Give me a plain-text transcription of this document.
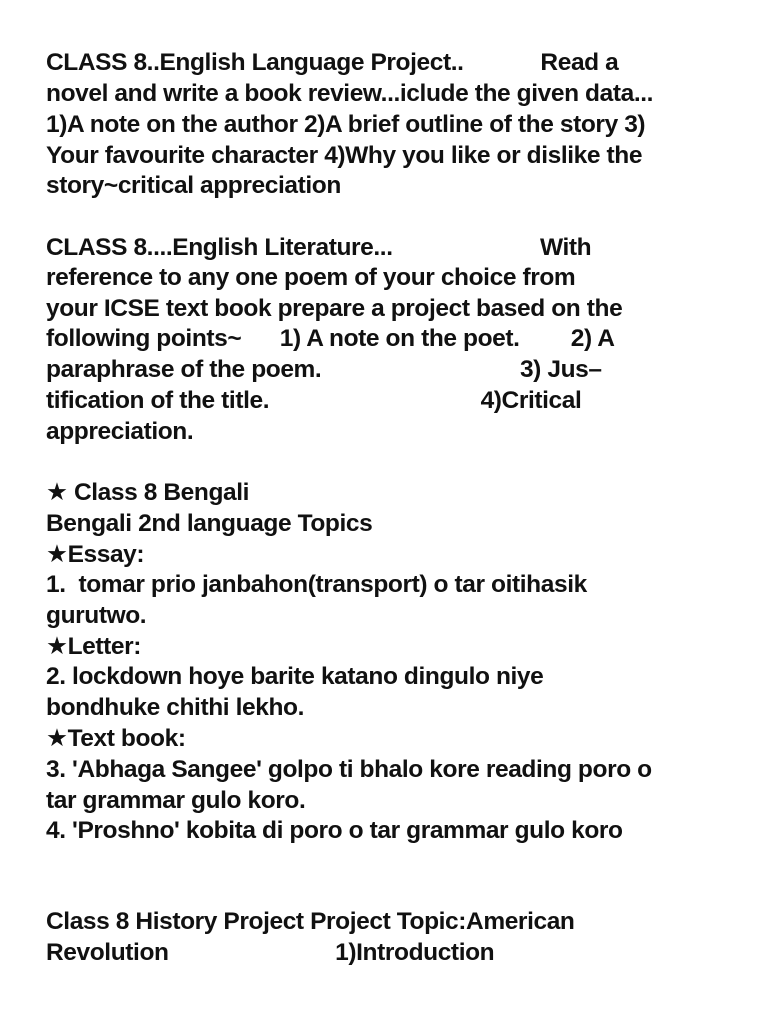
CLASS 8..English Language Project..            Read a
novel and write a book review...iclude the given data...
1)A note on the author 2)A brief outline of the story 3)
Your favourite character 4)Why you like or dislike the
story~critical appreciation
CLASS 8....English Literature...                       With
reference to any one poem of your choice from
your ICSE text book prepare a project based on the
following points~      1) A note on the poet.        2) A
paraphrase of the poem.                               3) Jus–
tification of the title.                                 4)Critical
appreciation.
★ Class 8 Bengali
Bengali 2nd language Topics
★Essay:
1.  tomar prio janbahon(transport) o tar oitihasik
gurutwo.
★Letter:
2. lockdown hoye barite katano dingulo niye
bondhuke chithi lekho.
★Text book:
3. 'Abhaga Sangee' golpo ti bhalo kore reading poro o
tar grammar gulo koro.
4. 'Proshno' kobita di poro o tar grammar gulo koro
Class 8 History Project Project Topic:American
Revolution                          1)Introduction
